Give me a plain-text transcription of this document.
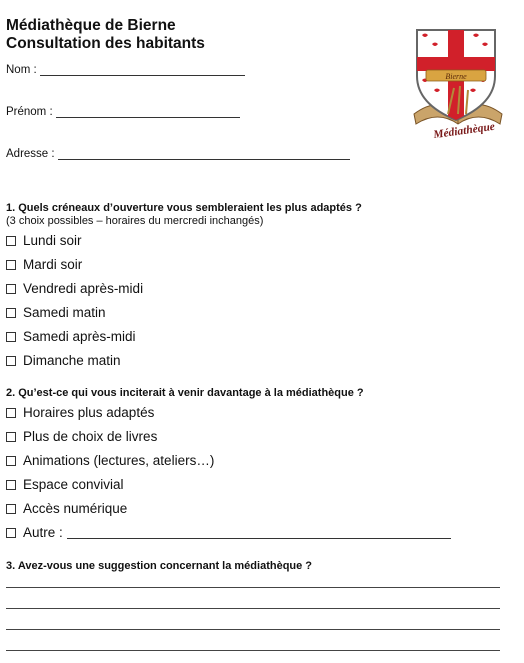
Médiathèque de Bierne
Consultation des habitants
Bierne
Médiathèque
Nom :
Prénom :
Adresse :
1. Quels créneaux d’ouverture vous sembleraient les plus adaptés ?
(3 choix possibles – horaires du mercredi inchangés)
Lundi soir
Mardi soir
Vendredi après-midi
Samedi matin
Samedi après-midi
Dimanche matin
2. Qu’est-ce qui vous inciterait à venir davantage à la médiathèque ?
Horaires plus adaptés
Plus de choix de livres
Animations (lectures, ateliers…)
Espace convivial
Accès numérique
Autre :
3. Avez-vous une suggestion concernant la médiathèque ?
